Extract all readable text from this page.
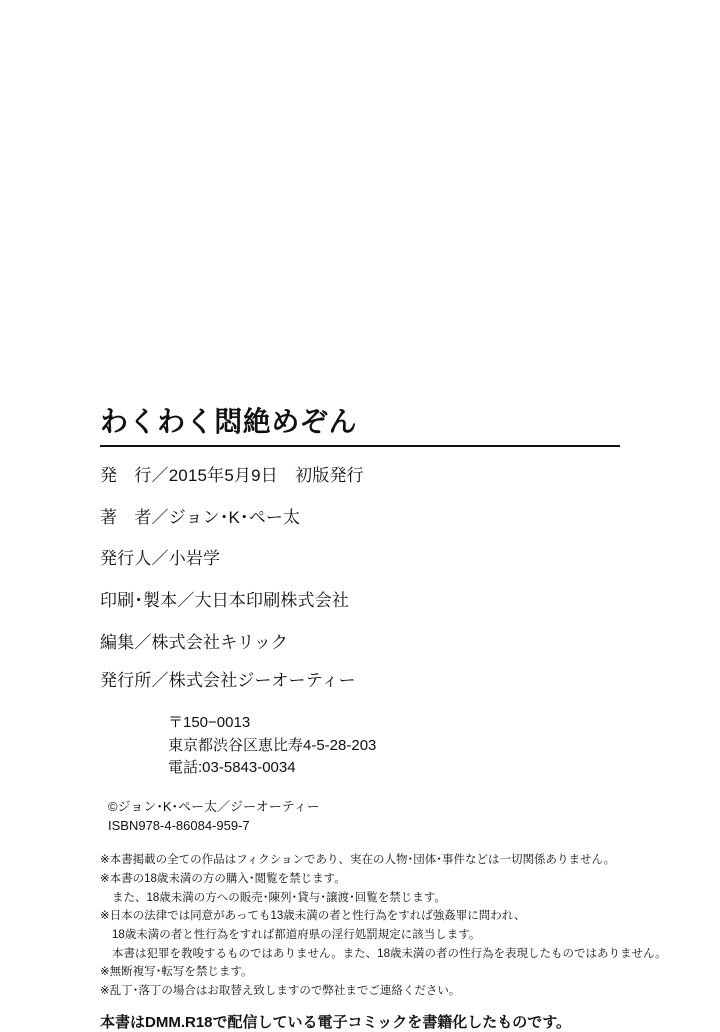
わくわく悶絶めぞん
発　行／2015年5月9日　初版発行
著　者／ジョン･K･ペー太
発行人／小岩学
印刷･製本／大日本印刷株式会社
編集／株式会社キリック
発行所／株式会社ジーオーティー
〒150−0013
東京都渋谷区恵比寿4-5-28-203
電話:03-5843-0034
©ジョン･K･ペー太／ジーオーティー
ISBN978-4-86084-959-7
※本書掲載の全ての作品はフィクションであり、実在の人物･団体･事件などは一切関係ありません。
※本書の18歳未満の方の購入･閲覧を禁じます。
また、18歳未満の方への販売･陳列･貸与･譲渡･回覧を禁じます。
※日本の法律では同意があっても13歳未満の者と性行為をすれば強姦罪に問われ、
18歳未満の者と性行為をすれば都道府県の淫行処罰規定に該当します。
本書は犯罪を教唆するものではありません。また、18歳未満の者の性行為を表現したものではありません。
※無断複写･転写を禁じます。
※乱丁･落丁の場合はお取替え致しますので弊社までご連絡ください。
本書はDMM.R18で配信している電子コミックを書籍化したものです。
